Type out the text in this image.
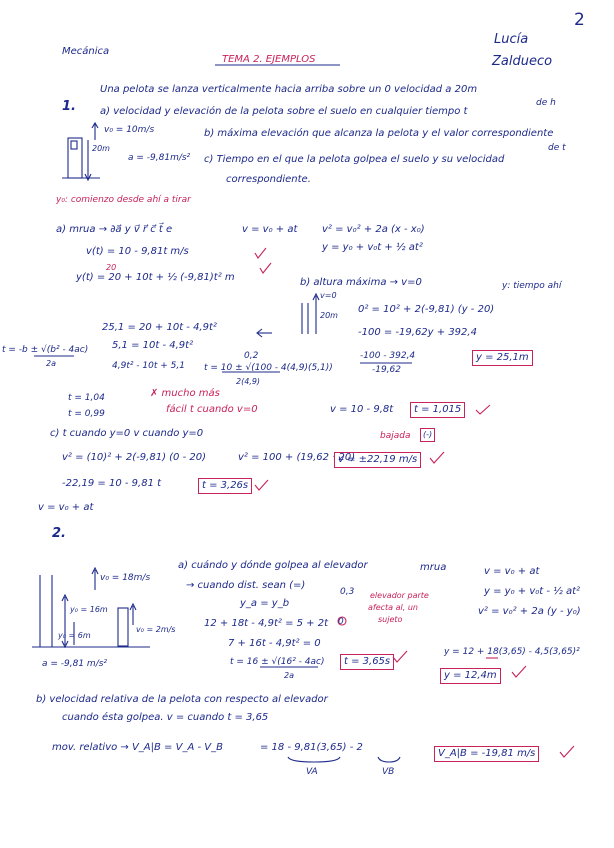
2
Mecánica
TEMA 2. EJEMPLOS
Lucía
Zaldueco
Una pelota se lanza verticalmente hacia arriba sobre un 0 velocidad a 20m
de h
1. a) velocidad y elevación de la pelota sobre el suelo en cualquier tiempo t
b) máxima elevación que alcanza la pelota y el valor correspondiente
de t
c) Tiempo en el que la pelota golpea el suelo y su velocidad
correspondiente.
v₀ = 10m/s
20m
a = -9,81m/s²
y₀: comienzo desde ahí a tirar
a) mrua → ∂a⃗ y v⃗ r⃗ c⃗ t⃗ e	v = v₀ + at v² = v₀² + 2a (x - x₀)
y = y₀ + v₀t + ½ at²
v(t) = 10 - 9,81t m/s
20
y(t) = 20 + 10t + ½ (-9,81)t² m	b) altura máxima → v=0	y: tiempo ahí
v=0
20m
0² = 10² + 2(-9,81) (y - 20)
-100 = -19,62y + 392,4
-100 - 392,4
-19,62
y = 25,1m
t = -b ± √(b² - 4ac)
2a
25,1 = 20 + 10t - 4,9t²
5,1 = 10t - 4,9t²
4,9t² - 10t + 5,1
0,2
t = 10 ± √(100 - 4(4,9)(5,1))
2(4,9)
t = 1,04
t = 0,99
✗ mucho más
fácil t cuando v=0	v = 10 - 9,8t	t = 1,015
c) t cuando y=0 v cuando y=0	bajada	(-)
v² = (10)² + 2(-9,81) (0 - 20)	v² = 100 + (19,62 · 20)
v = ±22,19 m/s
-22,19 = 10 - 9,81 t	t = 3,26s
v = v₀ + at
2.
v₀ = 18m/s
y₀ = 16m
y₀ = 6m
v₀ = 2m/s
a = -9,81 m/s²
a) cuándo y dónde golpea al elevador	mrua
→ cuando dist. sean (=)
y_a = y_b
0,3
12 + 18t - 4,9t² = 5 + 2t 0
elevador parte
afecta al, un
sujeto
7 + 16t - 4,9t² = 0
t = 16 ± √(16² - 4ac)
2a
t = 3,65s
v = v₀ + at
y = y₀ + v₀t - ½ at²
v² = v₀² + 2a (y - y₀)
y = 12 + 18(3,65) - 4,5(3,65)²
y = 12,4m
b) velocidad relativa de la pelota con respecto al elevador
cuando ésta golpea. v = cuando t = 3,65
mov. relativo → V_A|B = V_A - V_B	= 18 - 9,81(3,65) - 2
VA	VB
V_A|B = -19,81 m/s
